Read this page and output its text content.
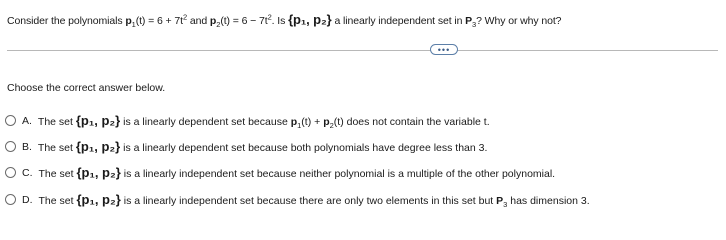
Consider the polynomials $p_1(t) = 6 + 7t^2$ and $p_2(t) = 6 - 7t^2$. Is {p₁, p₂} a linearly independent set in $P_3$? Why or why not?
•••
Choose the correct answer below.
A. The set {p₁, p₂} is a linearly dependent set because $p_1(t) + p_2(t)$ does not contain the variable t.
B. The set {p₁, p₂} is a linearly dependent set because both polynomials have degree less than 3.
C. The set {p₁, p₂} is a linearly independent set because neither polynomial is a multiple of the other polynomial.
D. The set {p₁, p₂} is a linearly independent set because there are only two elements in this set but $P_3$ has dimension 3.
